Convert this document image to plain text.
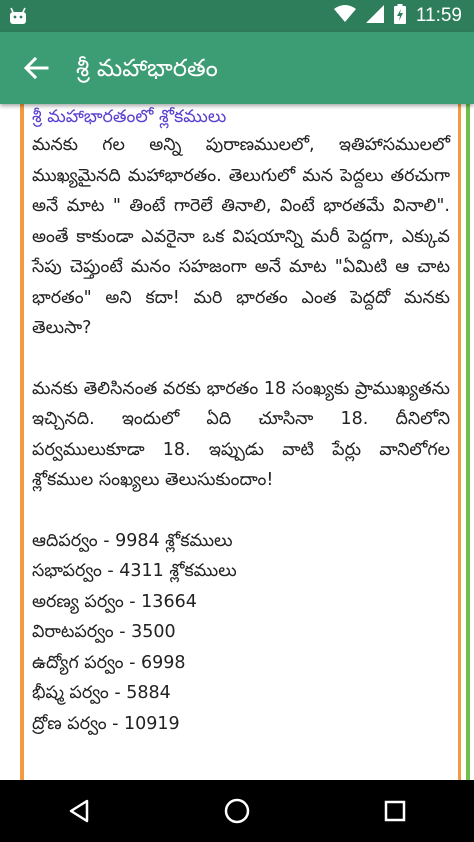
11:59
శ్రీ మహాభారతం
శ్రీ మహాభారతంలో శ్లోకములు

మనకు గల అన్ని పురాణములలో, ఇతిహాసములలో ముఖ్యమైనది మహాభారతం. తెలుగులో మన పెద్దలు తరచుగా అనే మాట " తింటే గారెలే తినాలి, వింటే భారతమే వినాలి". అంతే కాకుండా ఎవరైనా ఒక విషయాన్ని మరీ పెద్దగా, ఎక్కువ సేపు చెప్తుంటే మనం సహజంగా అనే మాట "ఏమిటి ఆ చాట భారతం" అని కదా! మరి భారతం ఎంత పెద్దదో మనకు తెలుసా?

మనకు తెలిసినంత వరకు భారతం 18 సంఖ్యకు ప్రాముఖ్యతను ఇచ్చినది. ఇందులో ఏది చూసినా 18. దీనిలోని పర్వములుకూడా 18. ఇప్పుడు వాటి పేర్లు వానిలోగల శ్లోకముల సంఖ్యలు తెలుసుకుందాం!

ఆదిపర్వం - 9984 శ్లోకములు

సభాపర్వం - 4311 శ్లోకములు

అరణ్య పర్వం - 13664

విరాటపర్వం - 3500

ఉద్యోగ పర్వం - 6998

భీష్మ పర్వం - 5884

ద్రోణ పర్వం - 10919
